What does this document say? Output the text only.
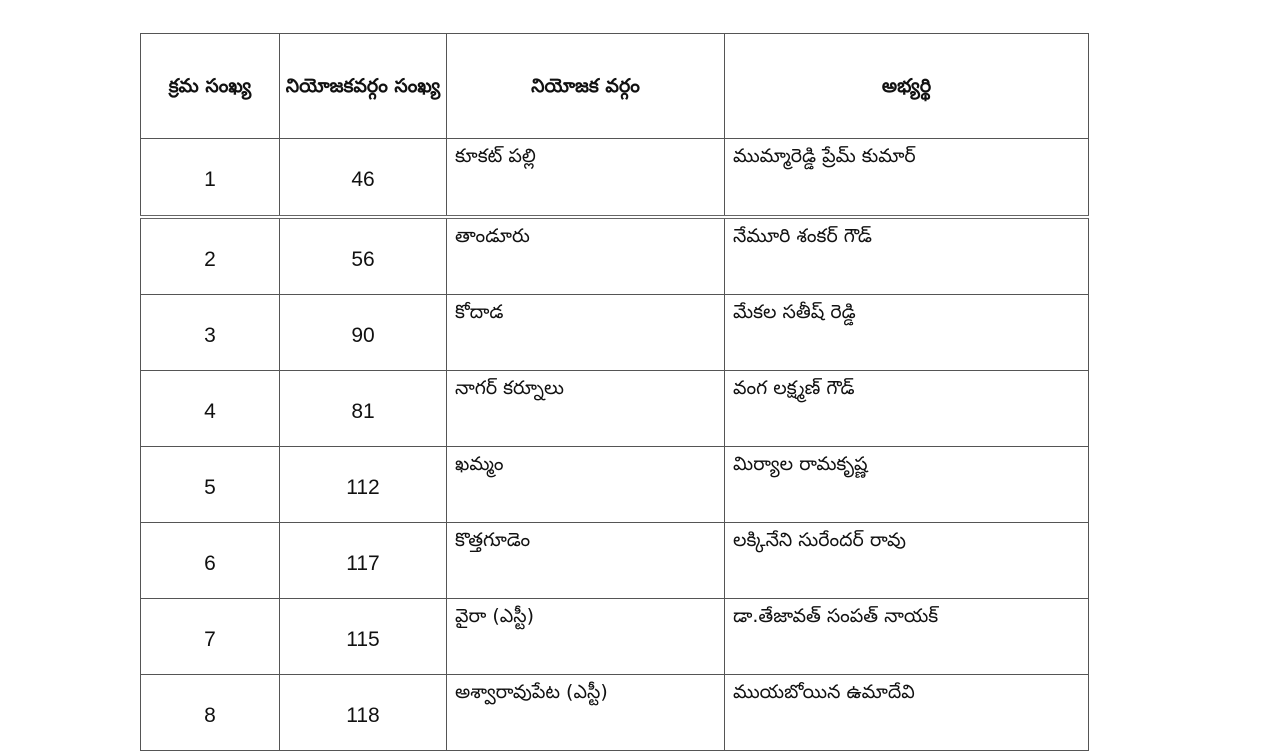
క్రమ సంఖ్య	నియోజకవర్గం సంఖ్య	నియోజక వర్గం	అభ్యర్థి
1	46	కూకట్ పల్లి	ముమ్మారెడ్డి ప్రేమ్ కుమార్
2	56	తాండూరు	నేమూరి శంకర్ గౌడ్
3	90	కోదాడ	మేకల సతీష్ రెడ్డి
4	81	నాగర్ కర్నూలు	వంగ లక్ష్మణ్ గౌడ్
5	112	ఖమ్మం	మిర్యాల రామకృష్ణ
6	117	కొత్తగూడెం	లక్కినేని సురేందర్ రావు
7	115	వైరా (ఎస్టీ)	డా.తేజావత్ సంపత్ నాయక్
8	118	అశ్వారావుపేట (ఎస్టీ)	ముయబోయిన ఉమాదేవి
